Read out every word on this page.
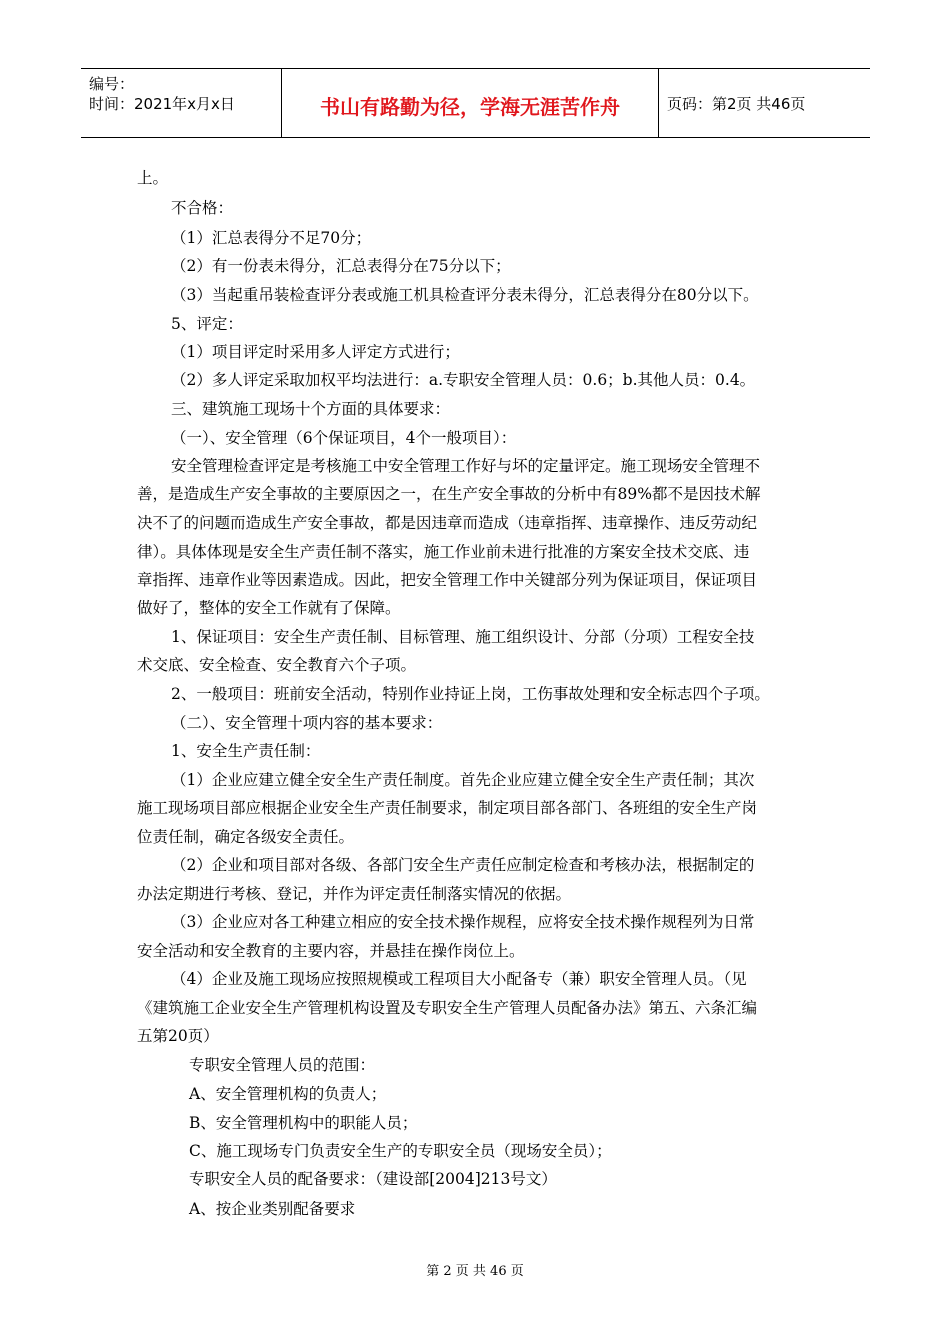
编号：
时间：2021年x月x日	书山有路勤为径，学海无涯苦作舟	页码：第2页 共46页
上。
不合格：
（1）汇总表得分不足70分；
（2）有一份表未得分，汇总表得分在75分以下；
（3）当起重吊装检查评分表或施工机具检查评分表未得分，汇总表得分在80分以下。
5、评定：
（1）项目评定时采用多人评定方式进行；
（2）多人评定采取加权平均法进行：a.专职安全管理人员：0.6；b.其他人员：0.4。
三、建筑施工现场十个方面的具体要求：
（一）、安全管理（6个保证项目，4个一般项目）：
安全管理检查评定是考核施工中安全管理工作好与坏的定量评定。施工现场安全管理不
善，是造成生产安全事故的主要原因之一，在生产安全事故的分析中有89%都不是因技术解
决不了的问题而造成生产安全事故，都是因违章而造成（违章指挥、违章操作、违反劳动纪
律）。具体体现是安全生产责任制不落实，施工作业前未进行批准的方案安全技术交底、违
章指挥、违章作业等因素造成。因此，把安全管理工作中关键部分列为保证项目，保证项目
做好了，整体的安全工作就有了保障。
1、保证项目：安全生产责任制、目标管理、施工组织设计、分部（分项）工程安全技
术交底、安全检查、安全教育六个子项。
2、一般项目：班前安全活动，特别作业持证上岗，工伤事故处理和安全标志四个子项。
（二）、安全管理十项内容的基本要求：
1、安全生产责任制：
（1）企业应建立健全安全生产责任制度。首先企业应建立健全安全生产责任制；其次
施工现场项目部应根据企业安全生产责任制要求，制定项目部各部门、各班组的安全生产岗
位责任制，确定各级安全责任。
（2）企业和项目部对各级、各部门安全生产责任应制定检查和考核办法，根据制定的
办法定期进行考核、登记，并作为评定责任制落实情况的依据。
（3）企业应对各工种建立相应的安全技术操作规程，应将安全技术操作规程列为日常
安全活动和安全教育的主要内容，并悬挂在操作岗位上。
（4）企业及施工现场应按照规模或工程项目大小配备专（兼）职安全管理人员。（见
《建筑施工企业安全生产管理机构设置及专职安全生产管理人员配备办法》第五、六条汇编
五第20页）
专职安全管理人员的范围：
A、安全管理机构的负责人；
B、安全管理机构中的职能人员；
C、施工现场专门负责安全生产的专职安全员（现场安全员）；
专职安全人员的配备要求：（建设部[2004]213号文）
A、按企业类别配备要求
第 2 页 共 46 页
